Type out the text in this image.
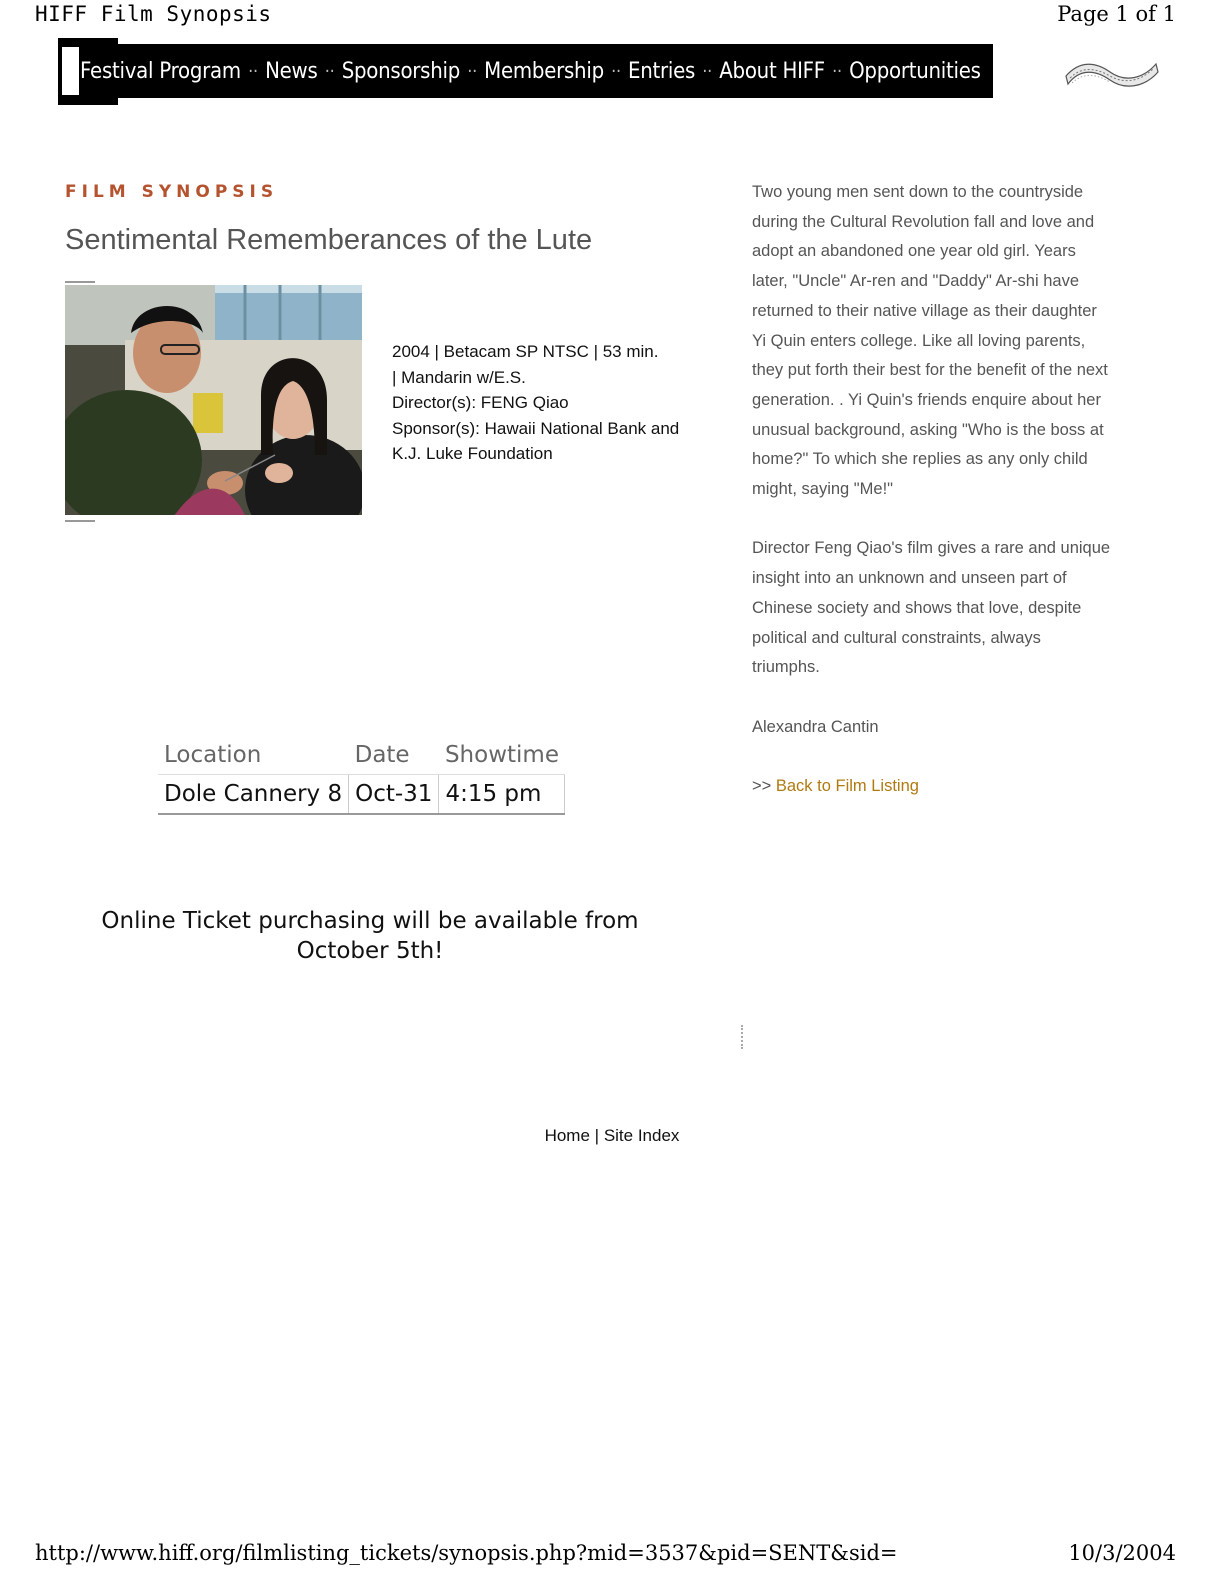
HIFF Film Synopsis	Page 1 of 1
Festival Program ·· News ·· Sponsorship ·· Membership ·· Entries ·· About HIFF ·· Opportunities
FILM SYNOPSIS
Sentimental Rememberances of the Lute
2004 | Betacam SP NTSC | 53 min.
| Mandarin w/E.S.
Director(s): FENG Qiao
Sponsor(s): Hawaii National Bank and K.J. Luke Foundation
Location	Date	Showtime
Dole Cannery 8	Oct-31	4:15 pm
Online Ticket purchasing will be available from
October 5th!

Two young men sent down to the countryside during the Cultural Revolution fall and love and adopt an abandoned one year old girl. Years later, "Uncle" Ar-ren and "Daddy" Ar-shi have returned to their native village as their daughter Yi Quin enters college. Like all loving parents, they put forth their best for the benefit of the next generation. . Yi Quin's friends enquire about her unusual background, asking "Who is the boss at home?" To which she replies as any only child might, saying "Me!"

Director Feng Qiao's film gives a rare and unique insight into an unknown and unseen part of Chinese society and shows that love, despite political and cultural constraints, always triumphs.

Alexandra Cantin

>> Back to Film Listing

Home | Site Index
http://www.hiff.org/filmlisting_tickets/synopsis.php?mid=3537&pid=SENT&sid=	10/3/2004
